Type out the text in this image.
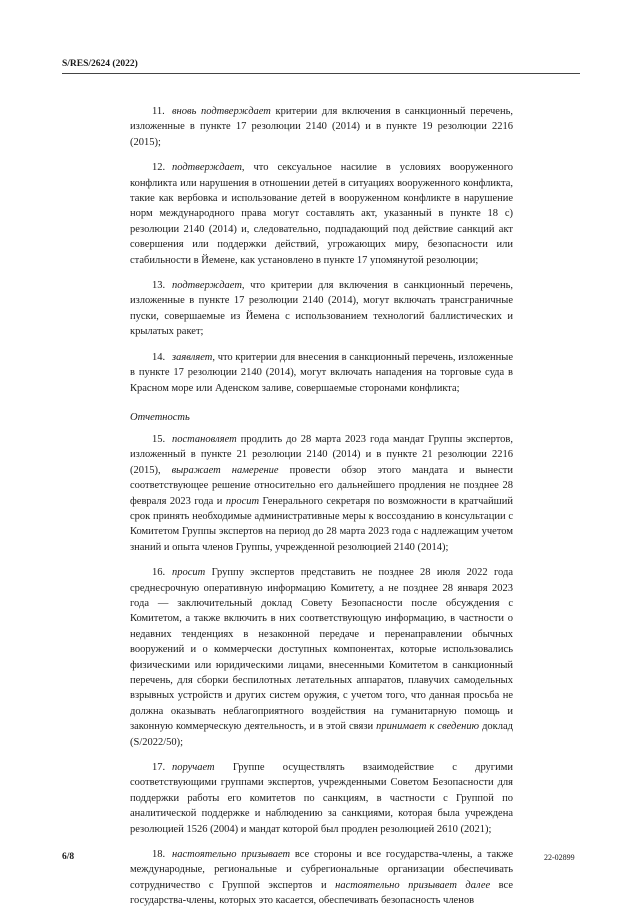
S/RES/2624 (2022)

11. вновь подтверждает критерии для включения в санкционный перечень, изложенные в пункте 17 резолюции 2140 (2014) и в пункте 19 резолюции 2216 (2015);

12. подтверждает, что сексуальное насилие в условиях вооруженного конфликта или нарушения в отношении детей в ситуациях вооруженного конфликта, такие как вербовка и использование детей в вооруженном конфликте в нарушение норм международного права могут составлять акт, указанный в пункте 18 c) резолюции 2140 (2014) и, следовательно, подпадающий под действие санкций акт совершения или поддержки действий, угрожающих миру, безопасности или стабильности в Йемене, как установлено в пункте 17 упомянутой резолюции;

13. подтверждает, что критерии для включения в санкционный перечень, изложенные в пункте 17 резолюции 2140 (2014), могут включать трансграничные пуски, совершаемые из Йемена с использованием технологий баллистических и крылатых ракет;

14. заявляет, что критерии для внесения в санкционный перечень, изложенные в пункте 17 резолюции 2140 (2014), могут включать нападения на торговые суда в Красном море или Аденском заливе, совершаемые сторонами конфликта;

Отчетность

15. постановляет продлить до 28 марта 2023 года мандат Группы экспертов, изложенный в пункте 21 резолюции 2140 (2014) и в пункте 21 резолюции 2216 (2015), выражает намерение провести обзор этого мандата и вынести соответствующее решение относительно его дальнейшего продления не позднее 28 февраля 2023 года и просит Генерального секретаря по возможности в кратчайший срок принять необходимые административные меры к воссозданию в консультации с Комитетом Группы экспертов на период до 28 марта 2023 года с надлежащим учетом знаний и опыта членов Группы, учрежденной резолюцией 2140 (2014);

16. просит Группу экспертов представить не позднее 28 июля 2022 года среднесрочную оперативную информацию Комитету, а не позднее 28 января 2023 года — заключительный доклад Совету Безопасности после обсуждения с Комитетом, а также включить в них соответствующую информацию, в частности о недавних тенденциях в незаконной передаче и перенаправлении обычных вооружений и о коммерчески доступных компонентах, которые использовались физическими или юридическими лицами, внесенными Комитетом в санкционный перечень, для сборки беспилотных летательных аппаратов, плавучих самодельных взрывных устройств и других систем оружия, с учетом того, что данная просьба не должна оказывать неблагоприятного воздействия на гуманитарную помощь и законную коммерческую деятельность, и в этой связи принимает к сведению доклад (S/2022/50);

17. поручает Группе осуществлять взаимодействие с другими соответствующими группами экспертов, учрежденными Советом Безопасности для поддержки работы его комитетов по санкциям, в частности с Группой по аналитической поддержке и наблюдению за санкциями, которая была учреждена резолюцией 1526 (2004) и мандат которой был продлен резолюцией 2610 (2021);

18. настоятельно призывает все стороны и все государства-члены, а также международные, региональные и субрегиональные организации обеспечивать сотрудничество с Группой экспертов и настоятельно призывает далее все государства-члены, которых это касается, обеспечивать безопасность членов

6/8	22-02899
